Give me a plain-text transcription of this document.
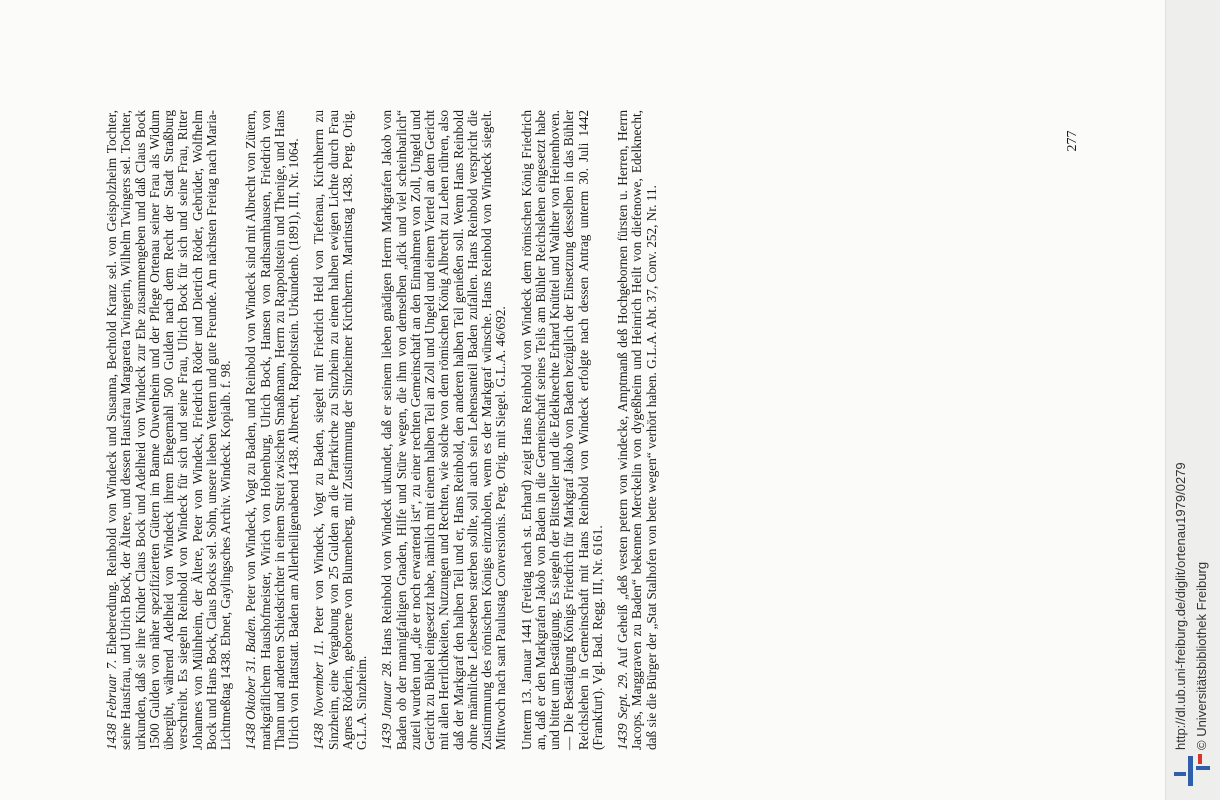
1438 Februar 7. Eheberedung. Reinbold von Windeck und Susanna, Bechtold Kranz sel. von Geispolzheim Tochter, seine Hausfrau, und Ulrich Bock, der Ältere, und dessen Hausfrau Margareta Twingerin, Wilhelm Twingers sel. Tochter, urkunden, daß sie ihre Kinder Claus Bock und Adelheid von Windeck zur Ehe zusammengeben und daß Claus Bock 1500 Gulden von näher spezifizierten Gütern im Banne Ouwenheim und der Pflege Ortenau seiner Frau als Widum übergibt, während Adelheid von Windeck ihrem Ehegemahl 500 Gulden nach dem Recht der Stadt Straßburg verschreibt. Es siegeln Reinbold von Windeck für sich und seine Frau, Ulrich Bock für sich und seine Frau, Ritter Johannes von Mülnheim, der Ältere, Peter von Windeck, Friedrich Röder und Dietrich Röder, Gebrüder, Wolfhelm Bock und Hans Bock, Claus Bocks sel. Sohn, unsere lieben Vettern und gute Freunde. Am nächsten Freitag nach Maria-Lichtmeßtag 1438. Ebnet, Gaylingsches Archiv. Windeck. Kopialb. f. 98. 1438 Oktober 31. Baden. Peter von Windeck, Vogt zu Baden, und Reinbold von Windeck sind mit Albrecht von Zütern, markgräflichem Haushofmeister, Wirich von Hohenburg, Ulrich Bock, Hansen von Rathsamhausen, Friedrich von Thann und anderen Schiedsrichter in einem Streit zwischen Smaßmann, Herrn zu Rappoltstein und Thenige, und Hans Ulrich von Hattstatt. Baden am Allerheiligenabend 1438. Albrecht, Rappoltstein. Urkundenb. (1891), III, Nr. 1064. 1438 November 11. Peter von Windeck, Vogt zu Baden, siegelt mit Friedrich Held von Tiefenau, Kirchherrn zu Sinzheim, eine Vergabung von 25 Gulden an die Pfarrkirche zu Sinzheim zu einem halben ewigen Lichte durch Frau Agnes Röderin, geborene von Blumenberg, mit Zustimmung der Sinzheimer Kirchherrn. Martinstag 1438. Perg. Orig. G.L.A. Sinzheim. 1439 Januar 28. Hans Reinbold von Windeck urkundet, daß er seinem lieben gnädigen Herrn Markgrafen Jakob von Baden ob der mannigfaltigen Gnaden, Hilfe und Stüre wegen, die ihm von demselben „dick und viel scheinbarlich“ zuteil wurden und „die er noch erwartend ist“, zu einer rechten Gemeinschaft an den Einnahmen von Zoll, Ungeld und Gericht zu Bühel eingesetzt habe, nämlich mit einem halben Teil an Zoll und Ungeld und einem Viertel an dem Gericht mit allen Herrlichkeiten, Nutzungen und Rechten, wie solche von dem römischen König Albrecht zu Lehen rühren, also daß der Markgraf den halben Teil und er, Hans Reinbold, den anderen halben Teil genießen soll. Wenn Hans Reinbold ohne männliche Leibeserben sterben sollte, soll auch sein Lehensanteil Baden zufallen. Hans Reinbold verspricht die Zustimmung des römischen Königs einzuholen, wenn es der Markgraf wünsche. Hans Reinbold von Windeck siegelt. Mittwoch nach sant Paulustag Conversionis. Perg. Orig. mit Siegel. G.L.A. 46/692. Unterm 13. Januar 1441 (Freitag nach st. Erhard) zeigt Hans Reinbold von Windeck dem römischen König Friedrich an, daß er den Markgrafen Jakob von Baden in die Gemeinschaft seines Teils am Bühler Reichslehen eingesetzt habe und bittet um Bestätigung. Es siegeln der Bittsteller und die Edelknechte Erhard Knüttel und Walther von Heinenhoven. — Die Bestätigung Königs Friedrich für Markgraf Jakob von Baden bezüglich der Einsetzung desselben in das Bühler Reichslehen in Gemeinschaft mit Hans Reinbold von Windeck erfolgte nach dessen Antrag unterm 30. Juli 1442 (Frankfurt). Vgl. Bad. Regg. III, Nr. 6161. 1439 Sept. 29. Auf Geheiß „deß vesten petern von windecke, Amptmanß deß Hochgebornen fürsten u. Herren, Herrn Jacops, Marggraven zu Baden“ bekennen Merckelin von dygeßheim und Heinrich Heilt von diefenowe, Edelknecht, daß sie die Bürger der „Stat Stalhofen von bette wegen“ verhört haben. G.L.A. Abt. 37, Conv. 252, Nr. 11.

277
http://dl.ub.uni-freiburg.de/diglit/ortenau1979/0279 © Universitätsbibliothek Freiburg
